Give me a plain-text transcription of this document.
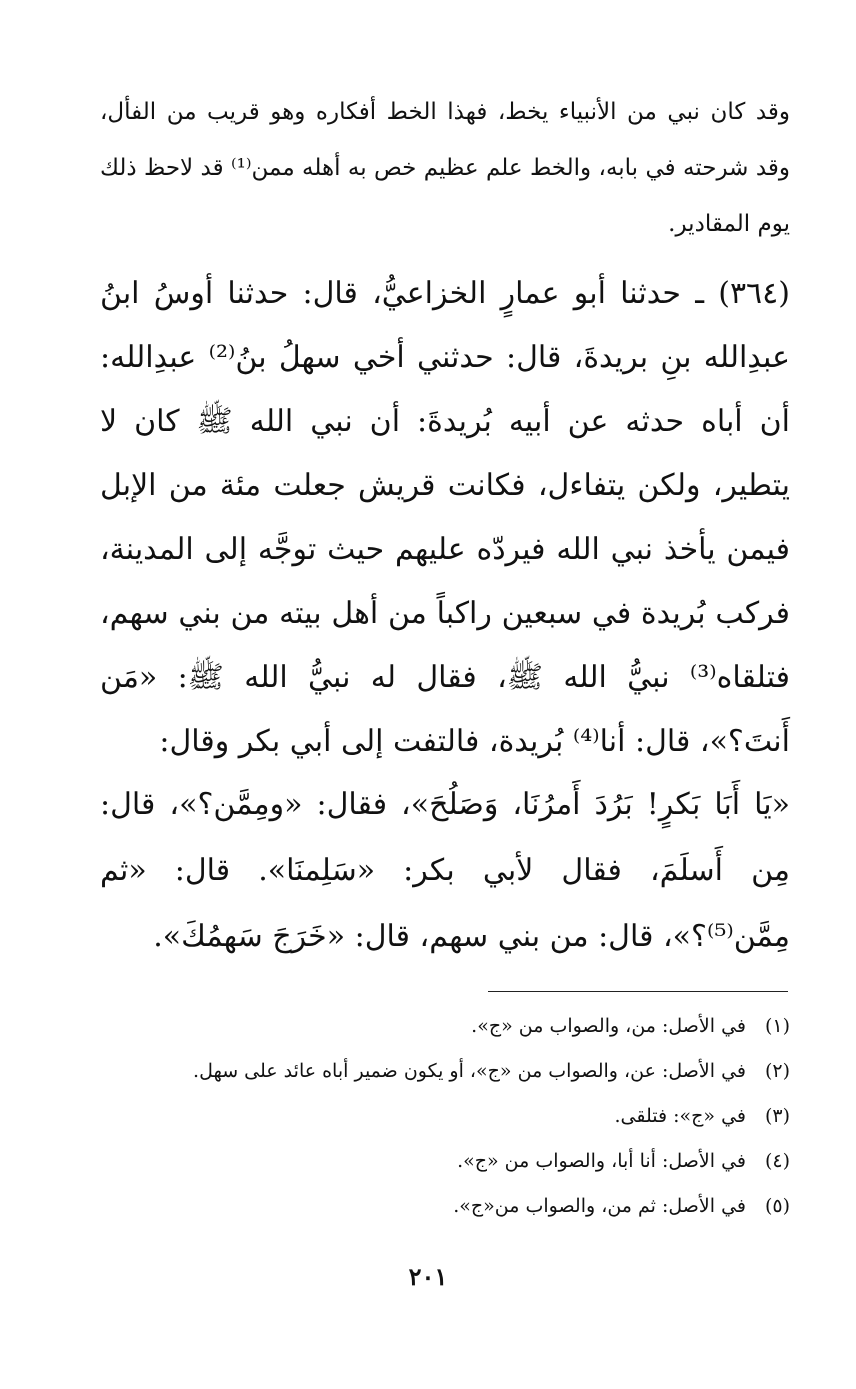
وقد كان نبي من الأنبياء يخط، فهذا الخط أفكاره وهو قريب من الفأل، وقد شرحته في بابه، والخط علم عظيم خص به أهله ممن⁽¹⁾ قد لاحظ ذلك يوم المقادير.

(٣٦٤) ـ حدثنا أبو عمارٍ الخزاعيُّ، قال: حدثنا أوسُ ابنُ عبدِالله بنِ بريدةَ، قال: حدثني أخي سهلُ بنُ⁽²⁾ عبدِالله: أن أباه حدثه عن أبيه بُريدةَ: أن نبي الله ﷺ كان لا يتطير، ولكن يتفاءل، فكانت قريش جعلت مئة من الإبل فيمن يأخذ نبي الله فيردّه عليهم حيث توجَّه إلى المدينة، فركب بُريدة في سبعين راكباً من أهل بيته من بني سهم، فتلقاه⁽³⁾ نبيُّ الله ﷺ، فقال له نبيُّ الله ﷺ: «مَن أَنتَ؟»، قال: أنا⁽⁴⁾ بُريدة، فالتفت إلى أبي بكر وقال:

«يَا أَبَا بَكرٍ! بَرُدَ أَمرُنَا، وَصَلُحَ»، فقال: «ومِمَّن؟»، قال: مِن أَسلَمَ، فقال لأبي بكر: «سَلِمنَا». قال: «ثم مِمَّن⁽⁵⁾؟»، قال: من بني سهم، قال: «خَرَجَ سَهمُكَ».

(١)في الأصل: من، والصواب من «ج».
(٢)في الأصل: عن، والصواب من «ج»، أو يكون ضمير أباه عائد على سهل.
(٣)في «ج»: فتلقى.
(٤)في الأصل: أنا أبا، والصواب من «ج».
(٥)في الأصل: ثم من، والصواب من«ج».
٢٠١
